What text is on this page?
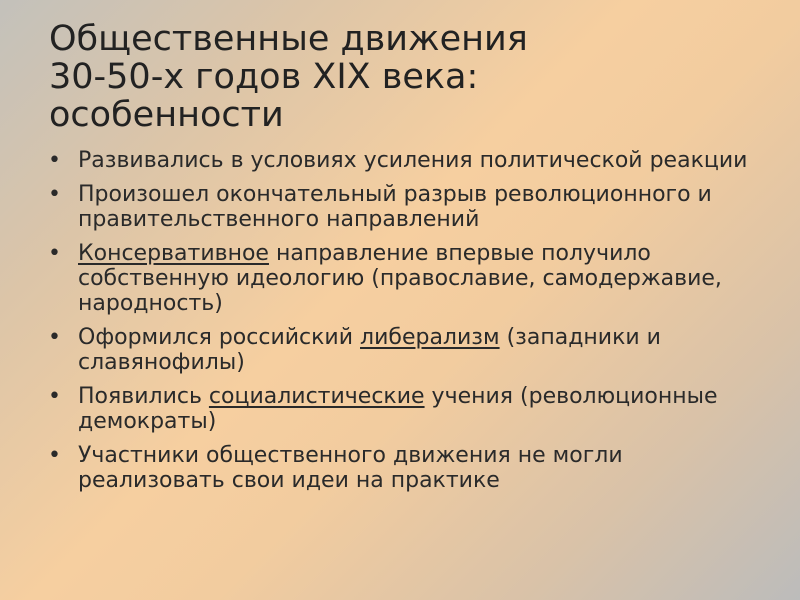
Общественные движения
30-50-х годов XIX века:
особенности
• Развивались в условиях усиления политической реакции
• Произошел окончательный разрыв революционного и правительственного направлений
• Консервативное направление впервые получило собственную идеологию (православие, самодержавие, народность)
• Оформился российский либерализм (западники и славянофилы)
• Появились социалистические учения (революционные демократы)
• Участники общественного движения не могли реализовать свои идеи на практике
